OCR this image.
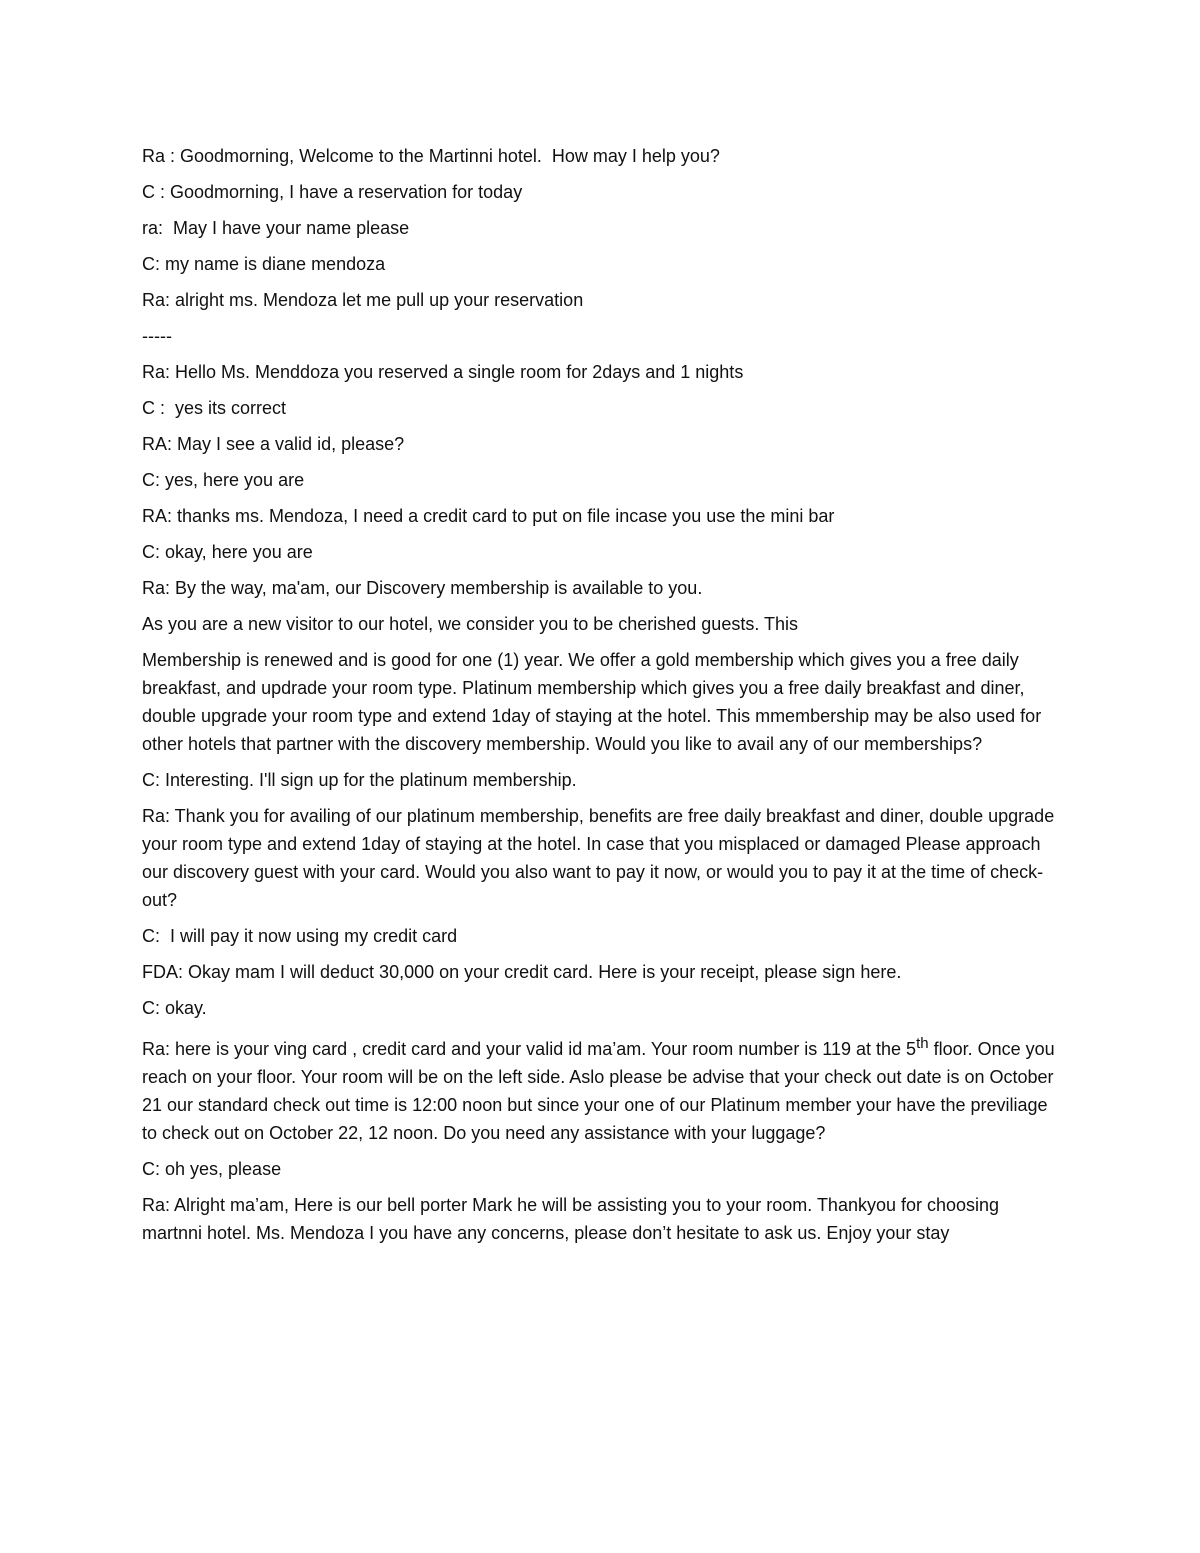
Ra : Goodmorning, Welcome to the Martinni hotel.  How may I help you?

C : Goodmorning, I have a reservation for today

ra:  May I have your name please

C: my name is diane mendoza

Ra: alright ms. Mendoza let me pull up your reservation

-----

Ra: Hello Ms. Menddoza you reserved a single room for 2days and 1 nights

C :  yes its correct

RA: May I see a valid id, please?

C: yes, here you are

RA: thanks ms. Mendoza, I need a credit card to put on file incase you use the mini bar

C: okay, here you are

Ra: By the way, ma'am, our Discovery membership is available to you.

As you are a new visitor to our hotel, we consider you to be cherished guests. This

Membership is renewed and is good for one (1) year. We offer a gold membership which gives you a free daily breakfast, and updrade your room type. Platinum membership which gives you a free daily breakfast and diner, double upgrade your room type and extend 1day of staying at the hotel. This mmembership may be also used for other hotels that partner with the discovery membership. Would you like to avail any of our memberships?

C: Interesting. I'll sign up for the platinum membership.

Ra: Thank you for availing of our platinum membership, benefits are free daily breakfast and diner, double upgrade your room type and extend 1day of staying at the hotel. In case that you misplaced or damaged Please approach our discovery guest with your card. Would you also want to pay it now, or would you to pay it at the time of check-out?

C:  I will pay it now using my credit card

FDA: Okay mam I will deduct 30,000 on your credit card. Here is your receipt, please sign here.

C: okay.

Ra: here is your ving card , credit card and your valid id ma’am. Your room number is 119 at the 5th floor. Once you reach on your floor. Your room will be on the left side. Aslo please be advise that your check out date is on October 21 our standard check out time is 12:00 noon but since your one of our Platinum member your have the previliage to check out on October 22, 12 noon. Do you need any assistance with your luggage?

C: oh yes, please

Ra: Alright ma’am, Here is our bell porter Mark he will be assisting you to your room. Thankyou for choosing martnni hotel. Ms. Mendoza I you have any concerns, please don’t hesitate to ask us. Enjoy your stay
